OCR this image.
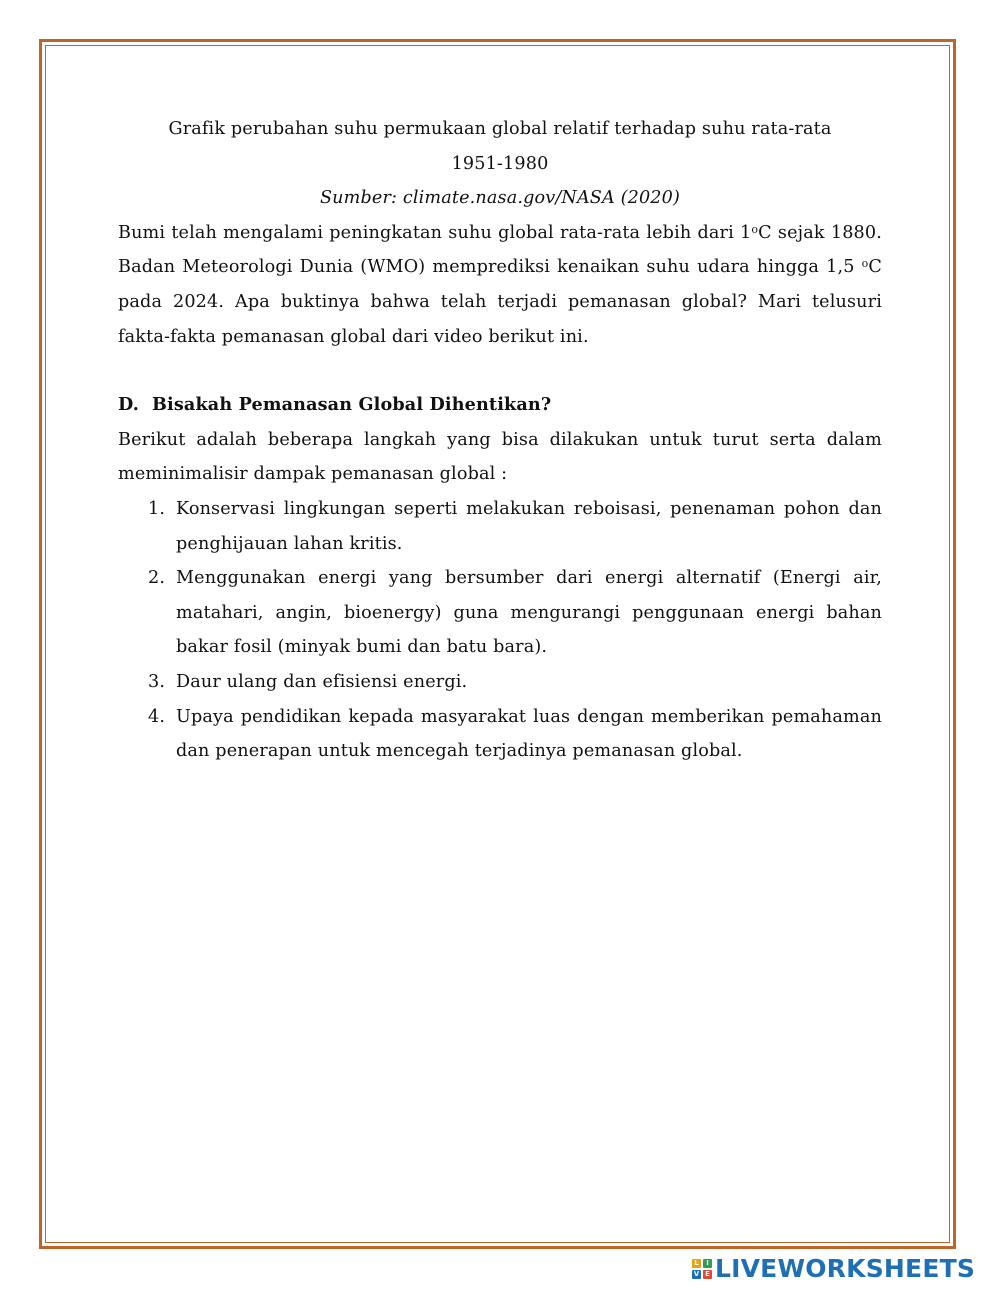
Grafik perubahan suhu permukaan global relatif terhadap suhu rata-rata
1951-1980
Sumber: climate.nasa.gov/NASA (2020)

Bumi telah mengalami peningkatan suhu global rata-rata lebih dari 1$^o$C sejak 1880. Badan Meteorologi Dunia (WMO) memprediksi kenaikan suhu udara hingga 1,5 $^o$C pada 2024. Apa buktinya bahwa telah terjadi pemanasan global? Mari telusuri fakta-fakta pemanasan global dari video berikut ini.

D. Bisakah Pemanasan Global Dihentikan?

Berikut adalah beberapa langkah yang bisa dilakukan untuk turut serta dalam meminimalisir dampak pemanasan global :

1. Konservasi lingkungan seperti melakukan reboisasi, penenaman pohon dan penghijauan lahan kritis.
2. Menggunakan energi yang bersumber dari energi alternatif (Energi air, matahari, angin, bioenergy) guna mengurangi penggunaan energi bahan bakar fosil (minyak bumi dan batu bara).
3. Daur ulang dan efisiensi energi.
4. Upaya pendidikan kepada masyarakat luas dengan memberikan pemahaman dan penerapan untuk mencegah terjadinya pemanasan global.
L	I
V E LIVEWORKSHEETS
